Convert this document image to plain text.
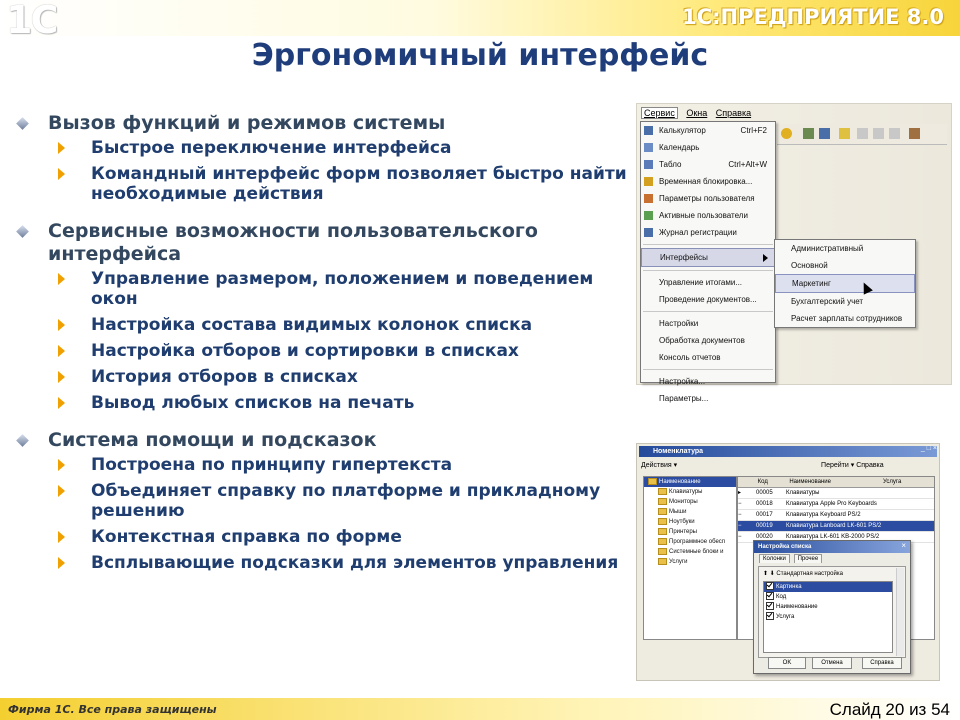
1С	1С:ПРЕДПРИЯТИЕ 8.0
Эргономичный интерфейс
Вызов функций и режимов системы
Быстрое переключение интерфейса
Командный интерфейс форм позволяет быстро найти необходимые действия
Сервисные возможности пользовательского интерфейса
Управление размером, положением и поведением окон
Настройка состава видимых колонок списка
Настройка отборов и сортировки в списках
История отборов в списках
Вывод любых списков на печать
Система помощи и подсказок
Построена по принципу гипертекста
Объединяет справку по платформе и прикладному решению
Контекстная справка по форме
Всплывающие подсказки для элементов управления
Сервис Окна Справка
Калькулятор	Ctrl+F2
Календарь
Табло	Ctrl+Alt+W
Временная блокировка...
Параметры пользователя
Активные пользователи
Журнал регистрации
Интерфейсы
Управление итогами...
Проведение документов...
Настройки
Обработка документов
Консоль отчетов
Настройка...
Параметры...
Административный
Основной
Маркетинг
Бухгалтерский учет
Расчет зарплаты сотрудников
Номенклатура	_ □ ×
Действия ▾	Перейти ▾ Справка
Наименование
Клавиатуры
Мониторы
Мыши
Ноутбуки
Принтеры
Программное обесп
Системные блоки и
Услуги
Код	Наименование	Услуга
▸ 00005 Клавиатуры
− 00018 Клавиатура Apple Pro Keyboards
− 00017 Клавиатура Keyboard PS/2
− 00019 Клавиатура Lanboard LK-601 PS/2
− 00020 Клавиатура LK-601 KB-2000 PS/2
Настройка списка	×
Колонки Прочее
⬆ ⬇ Стандартная настройка
Картинка
Код
Наименование
Услуга
OK	Отмена	Справка
Фирма 1С. Все права защищены	Слайд 20 из 54
